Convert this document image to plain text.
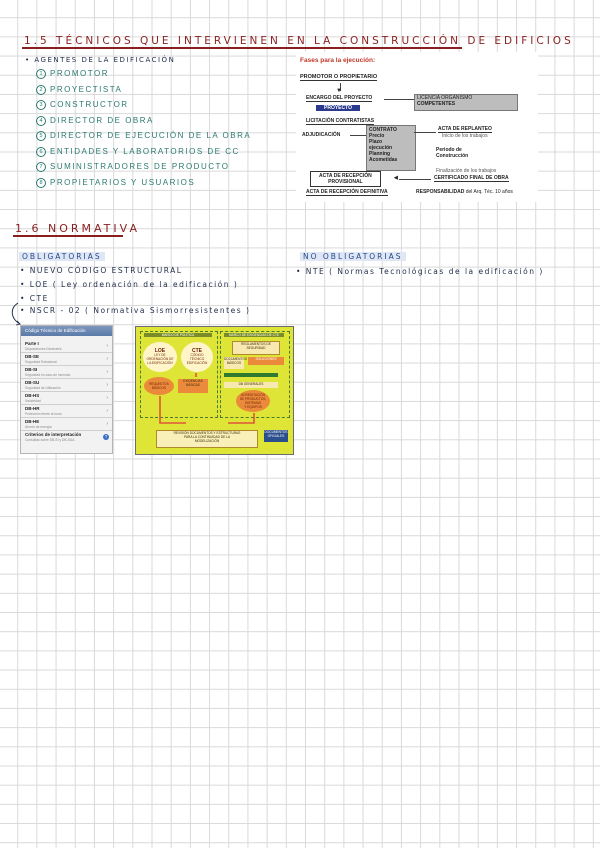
1.5 TÉCNICOS QUE INTERVIENEN EN LA CONSTRUCCIÓN DE EDIFICIOS
• AGENTES DE LA EDIFICACIÓN
1 PROMOTOR
2 PROYECTISTA
3 CONSTRUCTOR
4 DIRECTOR DE OBRA
5 DIRECTOR DE EJECUCIÓN DE LA OBRA
6 ENTIDADES Y LABORATORIOS DE CC
7 SUMINISTRADORES DE PRODUCTO
8 PROPIETARIOS Y USUARIOS
Fases para la ejecución:
PROMOTOR O PROPIETARIO
▼
ENCARGO DEL PROYECTO
PROYECTO
LICENCIA ORGANISMO
COMPETENTES
LICITACIÓN CONTRATISTAS
ADJUDICACIÓN
CONTRATO
Precio
Plazo
ejecución
Planning
Acometidas
ACTA DE REPLANTEO
Inicio de los trabajos
Periodo de
Construcción
Finalización de los trabajos
CERTIFICADO FINAL DE OBRA
◀
ACTA DE RECEPCIÓN
PROVISIONAL
ACTA DE RECEPCIÓN DEFINITIVA	RESPONSABILIDAD del Arq. Téc. 10 años
1.6 NORMATIVA
OBLIGATORIAS	NO OBLIGATORIAS
• NUEVO CÓDIGO ESTRUCTURAL
• LOE ( Ley ordenación de la edificación )
• CTE
• NSCR - 02 ( Normativa Sismorresistentes )
• NTE ( Normas Tecnológicas de la edificación )
Código Técnico de Edificación
Parte I
Disposiciones Generales	›
DB-SE
Seguridad Estructural	›
DB-SI
Seguridad en caso de incendio	›
DB-SU
Seguridad de Utilización	›
DB-HS
Salubridad	›
DB-HR
Protección frente al ruido	›
DB-HE
Ahorro de energía	›
Criterios de interpretación
Consultas sobre DB-SI y DB-SUA
?
MARCO DE POLÍTICA	MARCO DE EXIGENCIAS DE CTE
LOE
LEY DE
ORDENACIÓN DE
LA EDIFICACIÓN
CTE
CÓDIGO
TÉCNICO
EDIFICACIÓN
REQUISITOS BÁSICOS
EXIGENCIAS
BÁSICAS
REGLAMENTOS DE
SEGURIDAD
DOCUMENTOS
BÁSICOS
SOLUCIONES
DB GENERALES
ACREDITACIÓN
DE PRODUCTOS,
SISTEMAS
Y EQUIPOS
REVISIÓN DOCUMENTOS Y ESTRUCTURAS
PARA LA CONTINUIDAD DE LA
MODELIZACIÓN
DOCUMENTOS
OFICIALES
